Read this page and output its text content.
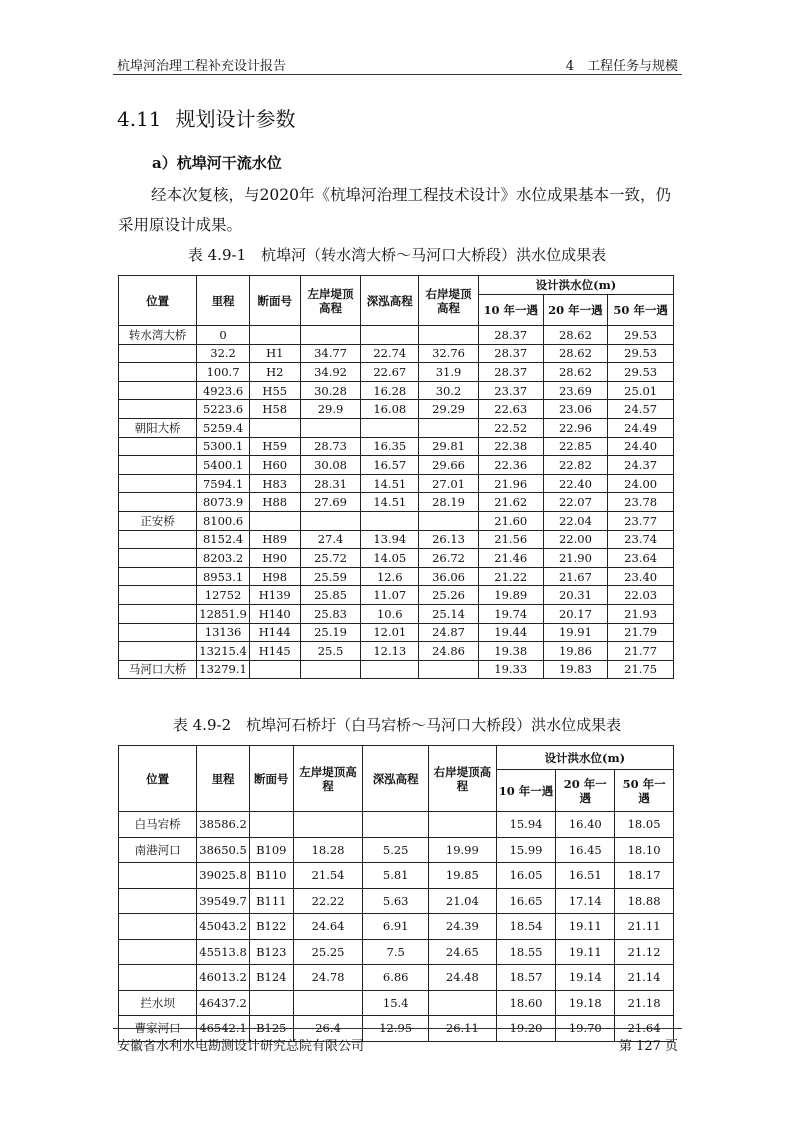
杭埠河治理工程补充设计报告	4　工程任务与规模
4.11 规划设计参数
a）杭埠河干流水位
经本次复核，与2020年《杭埠河治理工程技术设计》水位成果基本一致，仍采用原设计成果。
表 4.9-1　杭埠河（转水湾大桥～马河口大桥段）洪水位成果表
位置	里程	断面号	左岸堤顶高程	深泓高程	右岸堤顶高程	设计洪水位(m)		
						10 年一遇	20 年一遇	50 年一遇
转水湾大桥	0					28.37	28.62	29.53
	32.2	H1	34.77	22.74	32.76	28.37	28.62	29.53
	100.7	H2	34.92	22.67	31.9	28.37	28.62	29.53
	4923.6	H55	30.28	16.28	30.2	23.37	23.69	25.01
	5223.6	H58	29.9	16.08	29.29	22.63	23.06	24.57
朝阳大桥	5259.4					22.52	22.96	24.49
	5300.1	H59	28.73	16.35	29.81	22.38	22.85	24.40
	5400.1	H60	30.08	16.57	29.66	22.36	22.82	24.37
	7594.1	H83	28.31	14.51	27.01	21.96	22.40	24.00
	8073.9	H88	27.69	14.51	28.19	21.62	22.07	23.78
正安桥	8100.6					21.60	22.04	23.77
	8152.4	H89	27.4	13.94	26.13	21.56	22.00	23.74
	8203.2	H90	25.72	14.05	26.72	21.46	21.90	23.64
	8953.1	H98	25.59	12.6	36.06	21.22	21.67	23.40
	12752	H139	25.85	11.07	25.26	19.89	20.31	22.03
	12851.9	H140	25.83	10.6	25.14	19.74	20.17	21.93
	13136	H144	25.19	12.01	24.87	19.44	19.91	21.79
	13215.4	H145	25.5	12.13	24.86	19.38	19.86	21.77
马河口大桥	13279.1					19.33	19.83	21.75
表 4.9-2　杭埠河石桥圩（白马宕桥～马河口大桥段）洪水位成果表
位置	里程	断面号	左岸堤顶高程	深泓高程	右岸堤顶高程	设计洪水位(m)		
						10 年一遇	20 年一遇	50 年一遇
白马宕桥	38586.2					15.94	16.40	18.05
南港河口	38650.5	B109	18.28	5.25	19.99	15.99	16.45	18.10
	39025.8	B110	21.54	5.81	19.85	16.05	16.51	18.17
	39549.7	B111	22.22	5.63	21.04	16.65	17.14	18.88
	45043.2	B122	24.64	6.91	24.39	18.54	19.11	21.11
	45513.8	B123	25.25	7.5	24.65	18.55	19.11	21.12
	46013.2	B124	24.78	6.86	24.48	18.57	19.14	21.14
拦水坝	46437.2			15.4		18.60	19.18	21.18
曹家河口	46542.1	B125	26.4	12.95	26.11	19.20	19.70	21.64
安徽省水利水电勘测设计研究总院有限公司	第 127 页
